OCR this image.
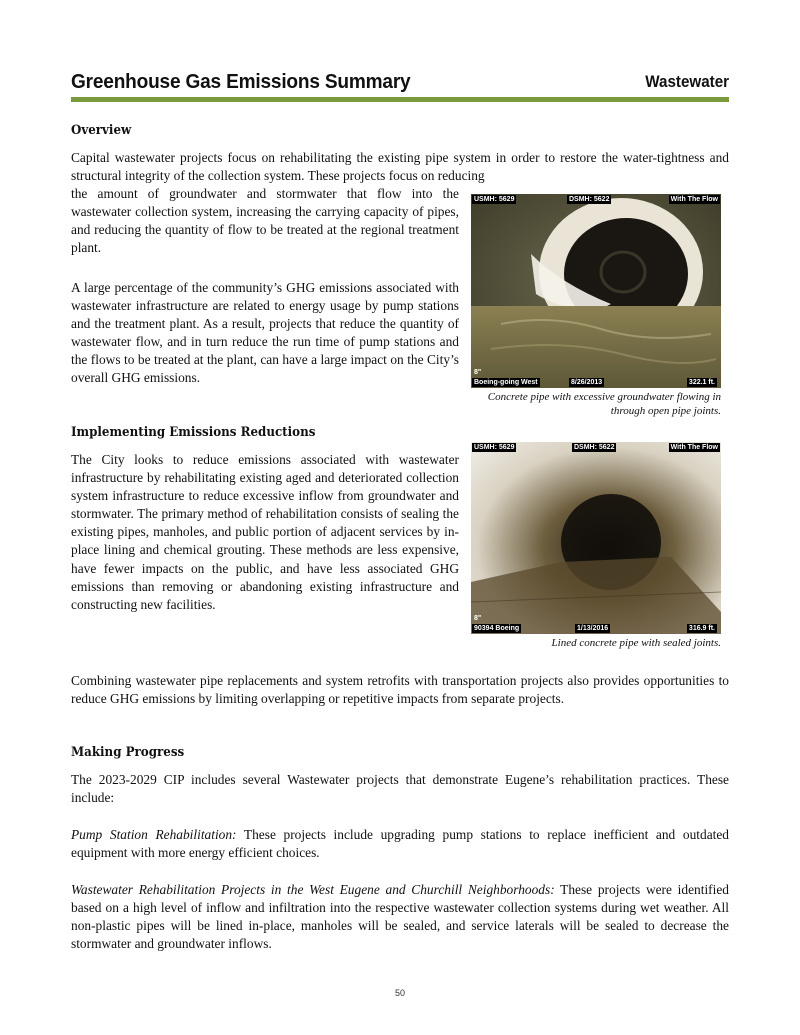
Greenhouse Gas Emissions Summary	Wastewater
Overview
Capital wastewater projects focus on rehabilitating the existing pipe system in order to restore the water-tightness and structural integrity of the collection system. These projects focus on reducing
the amount of groundwater and stormwater that flow into the wastewater collection system, increasing the carrying capacity of pipes, and reducing the quantity of flow to be treated at the regional treatment plant.
A large percentage of the community’s GHG emissions associated with wastewater infrastructure are related to energy usage by pump stations and the treatment plant. As a result, projects that reduce the quantity of wastewater flow, and in turn reduce the run time of pump stations and the flows to be treated at the plant, can have a large impact on the City’s overall GHG emissions.
USMH: 5629	DSMH: 5622	With The Flow
8"
Boeing-going West	8/26/2013	322.1 ft.
Concrete pipe with excessive groundwater flowing in through open pipe joints.
Implementing Emissions Reductions
The City looks to reduce emissions associated with wastewater infrastructure by rehabilitating existing aged and deteriorated collection system infrastructure to reduce excessive inflow from groundwater and stormwater. The primary method of rehabilitation consists of sealing the existing pipes, manholes, and public portion of adjacent services by in-place lining and chemical grouting. These methods are less expensive, have fewer impacts on the public, and have less associated GHG emissions than removing or abandoning existing infrastructure and constructing new facilities.
USMH: 5629	DSMH: 5622	With The Flow
8"
90394 Boeing	1/13/2016	316.9 ft.
Lined concrete pipe with sealed joints.
Combining wastewater pipe replacements and system retrofits with transportation projects also provides opportunities to reduce GHG emissions by limiting overlapping or repetitive impacts from separate projects.
Making Progress
The 2023-2029 CIP includes several Wastewater projects that demonstrate Eugene’s rehabilitation practices. These include:
Pump Station Rehabilitation: These projects include upgrading pump stations to replace inefficient and outdated equipment with more energy efficient choices.
Wastewater Rehabilitation Projects in the West Eugene and Churchill Neighborhoods: These projects were identified based on a high level of inflow and infiltration into the respective wastewater collection systems during wet weather. All non-plastic pipes will be lined in-place, manholes will be sealed, and service laterals will be sealed to decrease the stormwater and groundwater inflows.
50
